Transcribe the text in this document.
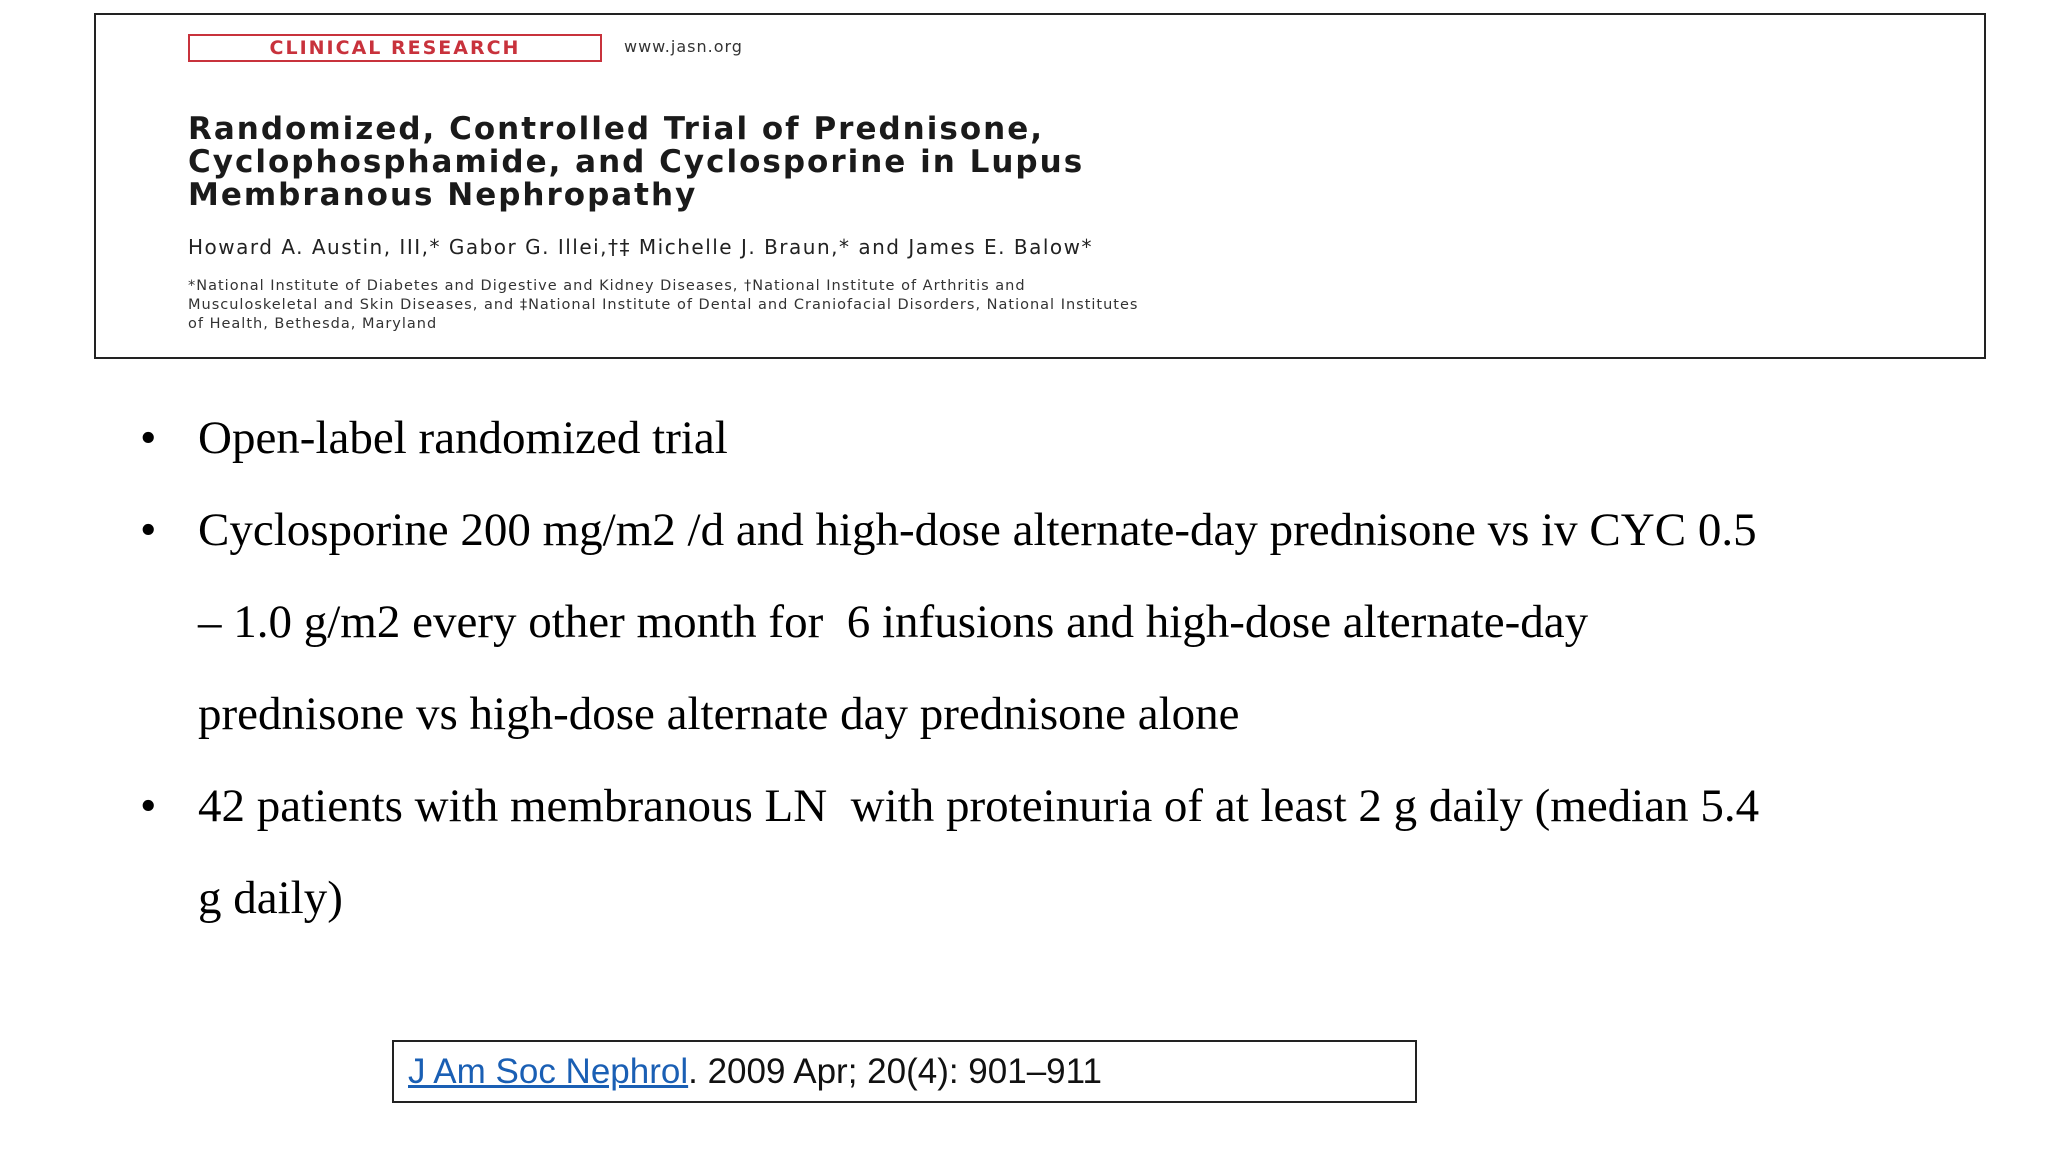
CLINICAL RESEARCH	www.jasn.org
Randomized, Controlled Trial of Prednisone,
Cyclophosphamide, and Cyclosporine in Lupus
Membranous Nephropathy
Howard A. Austin, III,* Gabor G. Illei,†‡ Michelle J. Braun,* and James E. Balow*
*National Institute of Diabetes and Digestive and Kidney Diseases, †National Institute of Arthritis and
Musculoskeletal and Skin Diseases, and ‡National Institute of Dental and Craniofacial Disorders, National Institutes
of Health, Bethesda, Maryland
• Open-label randomized trial
• Cyclosporine 200 mg/m2 /d and high-dose alternate-day prednisone vs iv CYC 0.5
– 1.0 g/m2 every other month for  6 infusions and high-dose alternate-day
prednisone vs high-dose alternate day prednisone alone
• 42 patients with membranous LN  with proteinuria of at least 2 g daily (median 5.4
g daily)
J Am Soc Nephrol. 2009 Apr; 20(4): 901–911
